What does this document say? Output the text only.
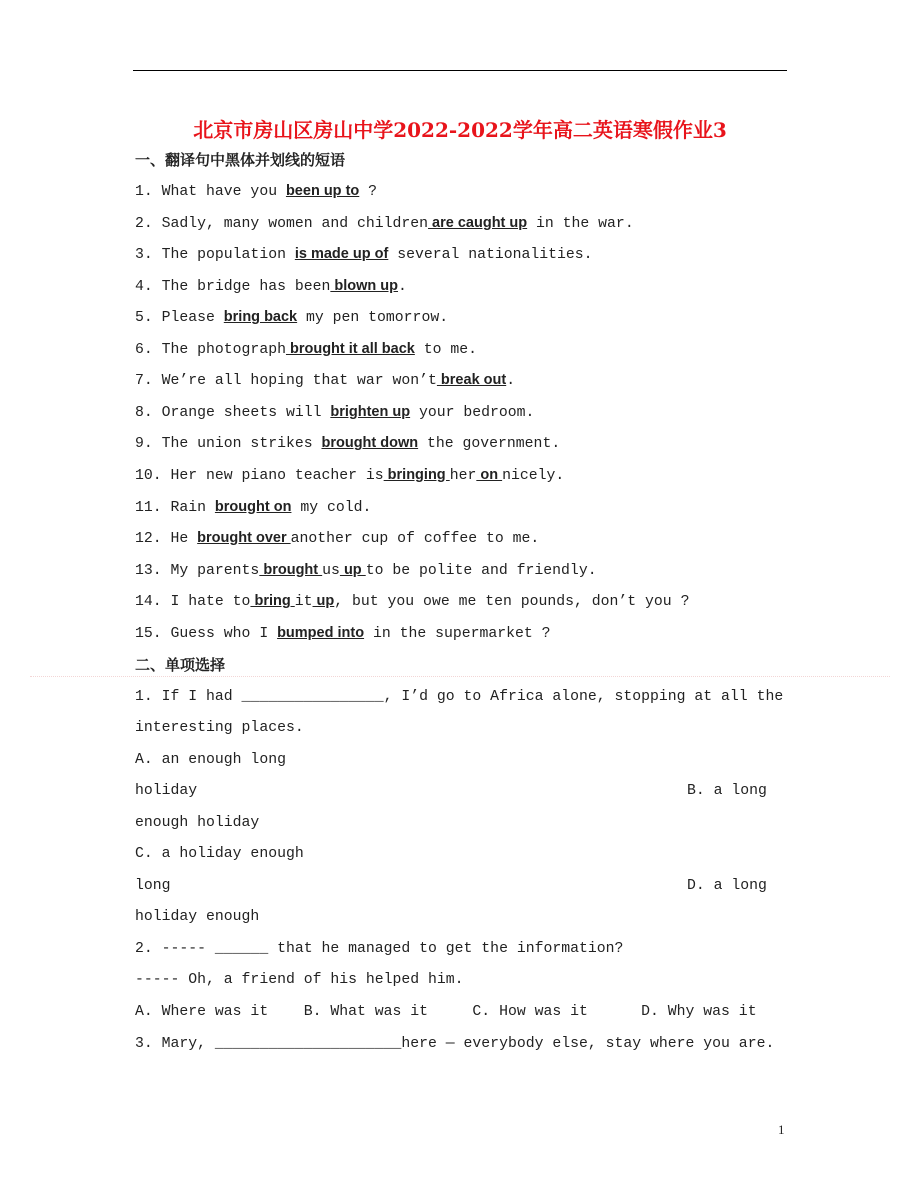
北京市房山区房山中学2022-2022学年高二英语寒假作业3
一、翻译句中黑体并划线的短语
1. What have you been up to ?
2. Sadly, many women and children are caught up in the war.
3. The population is made up of several nationalities.
4. The bridge has been blown up.
5. Please bring back my pen tomorrow.
6. The photograph brought it all back to me.
7. We’re all hoping that war won’t break out.
8. Orange sheets will brighten up your bedroom.
9. The union strikes brought down the government.
10. Her new piano teacher is bringing her on nicely.
11. Rain brought on my cold.
12. He brought over another cup of coffee to me.
13. My parents brought us up to be polite and friendly.
14. I hate to bring it up, but you owe me ten pounds, don’t you ?
15. Guess who I bumped into in the supermarket ?
二、单项选择
1. If I had ________________, I’d go to Africa alone, stopping at all the
interesting places.
A. an enough long
holiday	B. a long
enough holiday
C. a holiday enough
long	D. a long
holiday enough
2. ----- ______ that he managed to get the information?
----- Oh, a friend of his helped him.
A. Where was it    B. What was it     C. How was it      D. Why was it
3. Mary, _____________________here — everybody else, stay where you are.
1
